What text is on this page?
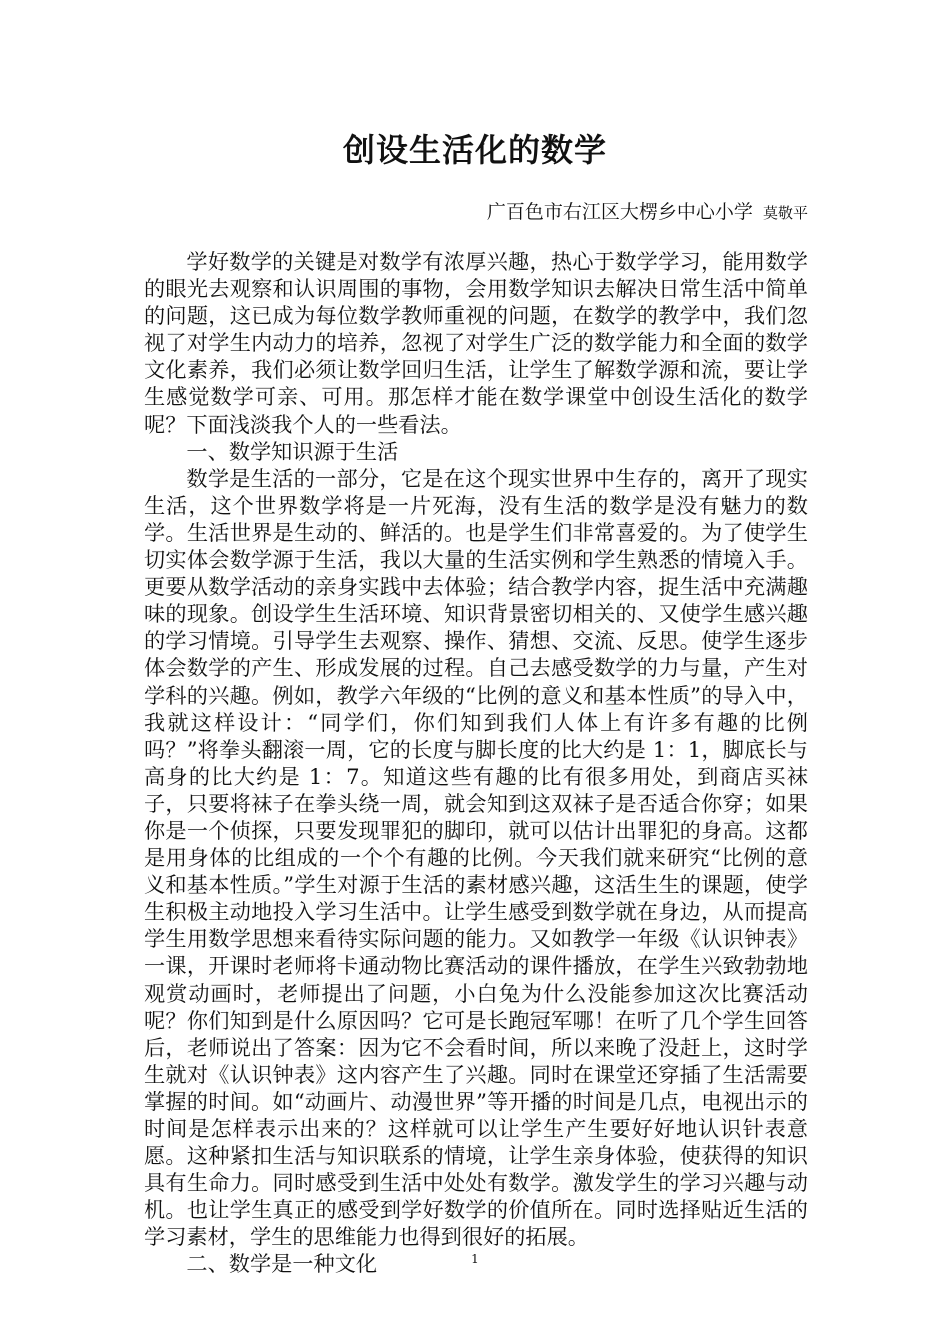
创设生活化的数学
广百色市右江区大楞乡中心小学 莫敬平

学好数学的关键是对数学有浓厚兴趣，热心于数学学习，能用数学的眼光去观察和认识周围的事物，会用数学知识去解决日常生活中简单的问题，这已成为每位数学教师重视的问题，在数学的教学中，我们忽视了对学生内动力的培养，忽视了对学生广泛的数学能力和全面的数学文化素养，我们必须让数学回归生活，让学生了解数学源和流，要让学生感觉数学可亲、可用。那怎样才能在数学课堂中创设生活化的数学呢？下面浅淡我个人的一些看法。

一、数学知识源于生活

数学是生活的一部分，它是在这个现实世界中生存的，离开了现实生活，这个世界数学将是一片死海，没有生活的数学是没有魅力的数学。生活世界是生动的、鲜活的。也是学生们非常喜爱的。为了使学生切实体会数学源于生活，我以大量的生活实例和学生熟悉的情境入手。更要从数学活动的亲身实践中去体验；结合教学内容，捉生活中充满趣味的现象。创设学生生活环境、知识背景密切相关的、又使学生感兴趣的学习情境。引导学生去观察、操作、猜想、交流、反思。使学生逐步体会数学的产生、形成发展的过程。自己去感受数学的力与量，产生对学科的兴趣。例如，教学六年级的“比例的意义和基本性质”的导入中，我就这样设计：“同学们，你们知到我们人体上有许多有趣的比例吗？”将拳头翻滚一周，它的长度与脚长度的比大约是 1：1，脚底长与高身的比大约是 1：7。知道这些有趣的比有很多用处，到商店买袜子，只要将袜子在拳头绕一周，就会知到这双袜子是否适合你穿；如果你是一个侦探，只要发现罪犯的脚印，就可以估计出罪犯的身高。这都是用身体的比组成的一个个有趣的比例。今天我们就来研究“比例的意义和基本性质。”学生对源于生活的素材感兴趣，这活生生的课题，使学生积极主动地投入学习生活中。让学生感受到数学就在身边，从而提高学生用数学思想来看待实际问题的能力。又如教学一年级《认识钟表》一课，开课时老师将卡通动物比赛活动的课件播放，在学生兴致勃勃地观赏动画时，老师提出了问题，小白兔为什么没能参加这次比赛活动呢？你们知到是什么原因吗？它可是长跑冠军哪！在听了几个学生回答后，老师说出了答案：因为它不会看时间，所以来晚了没赶上，这时学生就对《认识钟表》这内容产生了兴趣。同时在课堂还穿插了生活需要掌握的时间。如“动画片、动漫世界”等开播的时间是几点，电视出示的时间是怎样表示出来的？这样就可以让学生产生要好好地认识针表意愿。这种紧扣生活与知识联系的情境，让学生亲身体验，使获得的知识具有生命力。同时感受到生活中处处有数学。激发学生的学习兴趣与动机。也让学生真正的感受到学好数学的价值所在。同时选择贴近生活的学习素材，学生的思维能力也得到很好的拓展。

二、数学是一种文化	1
